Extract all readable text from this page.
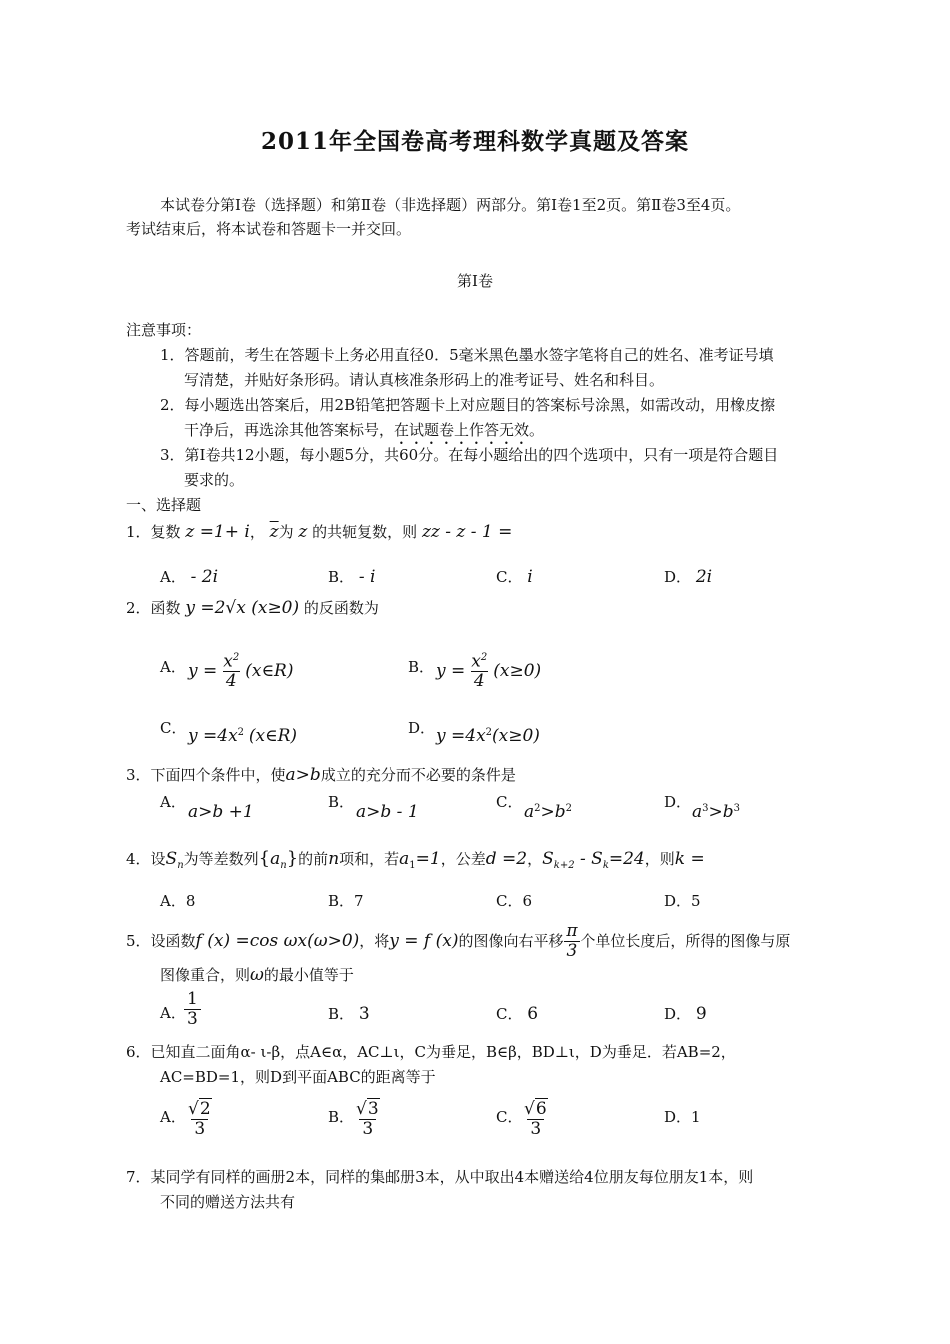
2011年全国卷高考理科数学真题及答案
本试卷分第Ⅰ卷（选择题）和第Ⅱ卷（非选择题）两部分。第Ⅰ卷1至2页。第Ⅱ卷3至4页。
考试结束后，将本试卷和答题卡一并交回。
第Ⅰ卷
注意事项：
1．答题前，考生在答题卡上务必用直径0．5毫米黑色墨水签字笔将自己的姓名、准考证号填
写清楚，并贴好条形码。请认真核准条形码上的准考证号、姓名和科目。
2．每小题选出答案后，用2B铅笔把答题卡上对应题目的答案标号涂黑，如需改动，用橡皮擦
干净后，再选涂其他答案标号，在试题卷上作答无效。
3．第Ⅰ卷共12小题，每小题5分，共60分。在每小题给出的四个选项中，只有一项是符合题目
要求的。
一、选择题
1．复数 z =1+ i， $\overline{z}$为 z 的共轭复数，则 zz - z - 1 =
A． - 2i	B． - i	C． i	D． 2i
2．函数 y =2√x (x≥0) 的反函数为
A． $y = \frac{x^2}{4}$ (x∈R)	B． $y = \frac{x^2}{4} (x\ge 0)$
C． $y =4x^2$ (x∈R)	D． $y =4x^2(x\ge 0)$
3．下面四个条件中，使a>b成立的充分而不必要的条件是
A． a>b +1	B． a>b - 1	C． $a^2>b^2$	D． $a^3>b^3$
4．设$S_n$为等差数列$\{a_n\}$的前n项和，若$a_1=1$，公差d =2，$S_{k+2} - S_k=24$，则k =
A．8	B．7	C．6	D．5
5．设函数 f (x) =cos ωx(ω>0) ，将 y = f (x) 的图像向右平移 $\frac{\pi}{3}$ 个单位长度后，所得的图像与原
图像重合，则ω的最小值等于
A．
$\frac{1}{3}$	B． 3	C． 6	D． 9
6．已知直二面角α- ι-β，点A∈α，AC⊥ι，C为垂足，B∈β，BD⊥ι，D为垂足．若AB=2，
AC=BD=1，则D到平面ABC的距离等于
A． $\frac{√2}{3}$	B． $\frac{√3}{3}$	C． $\frac{√6}{3}$	D．1
7．某同学有同样的画册2本，同样的集邮册3本，从中取出4本赠送给4位朋友每位朋友1本，则
不同的赠送方法共有
